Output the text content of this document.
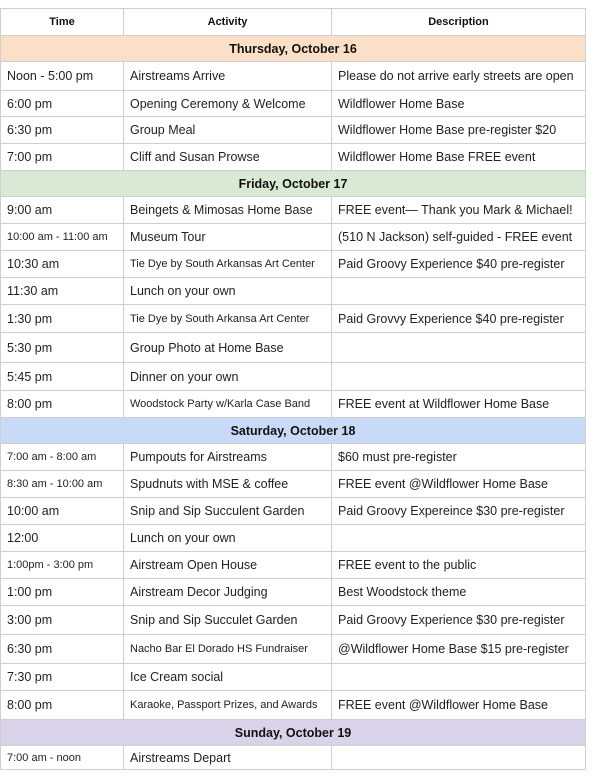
Time	Activity	Description
Thursday, October 16		
Noon - 5:00 pm	Airstreams Arrive	Please do not arrive early streets are open
6:00 pm	Opening Ceremony & Welcome	Wildflower Home Base
6:30 pm	Group Meal	Wildflower Home Base pre-register $20
7:00 pm	Cliff and Susan Prowse	Wildflower Home Base FREE event
Friday, October 17		
9:00 am	Beingets & Mimosas Home Base	FREE event— Thank you Mark & Michael!
10:00 am - 11:00 am	Museum Tour	(510 N Jackson) self-guided - FREE event
10:30 am	Tie Dye by South Arkansas Art Center	Paid Groovy Experience $40 pre-register
11:30 am	Lunch on your own	
1:30 pm	Tie Dye by South Arkansa Art Center	Paid Grovvy Experience $40 pre-register
5:30 pm	Group Photo at Home Base	
5:45 pm	Dinner on your own	
8:00 pm	Woodstock Party w/Karla Case Band	FREE event at Wildflower Home Base
Saturday, October 18		
7:00 am - 8:00 am	Pumpouts for Airstreams	$60 must pre-register
8:30 am - 10:00 am	Spudnuts with MSE & coffee	FREE event @Wildflower Home Base
10:00 am	Snip and Sip Succulent Garden	Paid Groovy Expereince $30 pre-register
12:00	Lunch on your own	
1:00pm - 3:00 pm	Airstream Open House	FREE event to the public
1:00 pm	Airstream Decor Judging	Best Woodstock theme
3:00 pm	Snip and Sip Succulet Garden	Paid Groovy Experience $30 pre-register
6:30 pm	Nacho Bar El Dorado HS Fundraiser	@Wildflower Home Base $15 pre-register
7:30 pm	Ice Cream social	
8:00 pm	Karaoke, Passport Prizes, and Awards	FREE event @Wildflower Home Base
Sunday, October 19		
7:00 am - noon	Airstreams Depart	
